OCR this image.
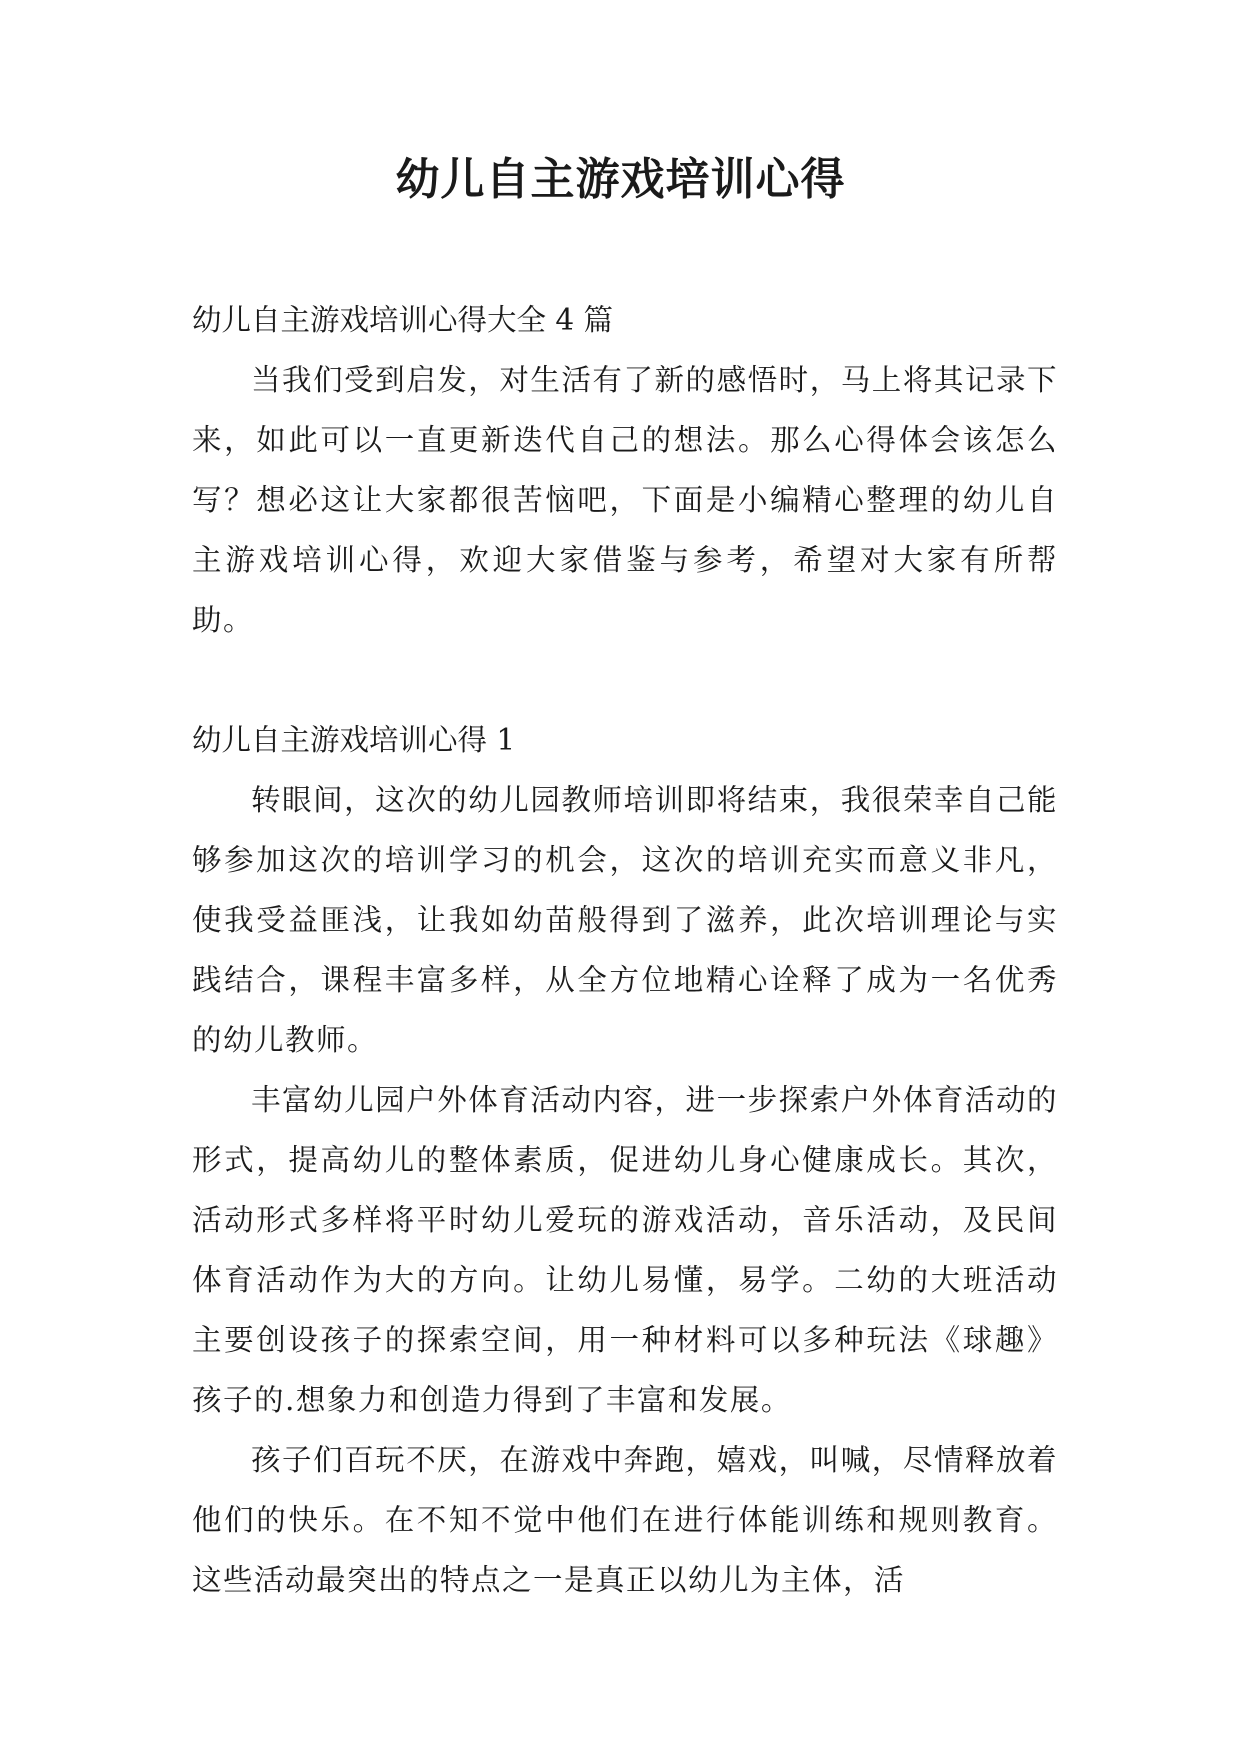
幼儿自主游戏培训心得

幼儿自主游戏培训心得大全 4 篇

当我们受到启发，对生活有了新的感悟时，马上将其记录下来，如此可以一直更新迭代自己的想法。那么心得体会该怎么写？想必这让大家都很苦恼吧，下面是小编精心整理的幼儿自主游戏培训心得，欢迎大家借鉴与参考，希望对大家有所帮助。

幼儿自主游戏培训心得 1

转眼间，这次的幼儿园教师培训即将结束，我很荣幸自己能够参加这次的培训学习的机会，这次的培训充实而意义非凡，使我受益匪浅，让我如幼苗般得到了滋养，此次培训理论与实践结合，课程丰富多样，从全方位地精心诠释了成为一名优秀的幼儿教师。

丰富幼儿园户外体育活动内容，进一步探索户外体育活动的形式，提高幼儿的整体素质，促进幼儿身心健康成长。其次，活动形式多样将平时幼儿爱玩的游戏活动，音乐活动，及民间体育活动作为大的方向。让幼儿易懂，易学。二幼的大班活动主要创设孩子的探索空间，用一种材料可以多种玩法《球趣》孩子的.想象力和创造力得到了丰富和发展。

孩子们百玩不厌，在游戏中奔跑，嬉戏，叫喊，尽情释放着他们的快乐。在不知不觉中他们在进行体能训练和规则教育。这些活动最突出的特点之一是真正以幼儿为主体，活
